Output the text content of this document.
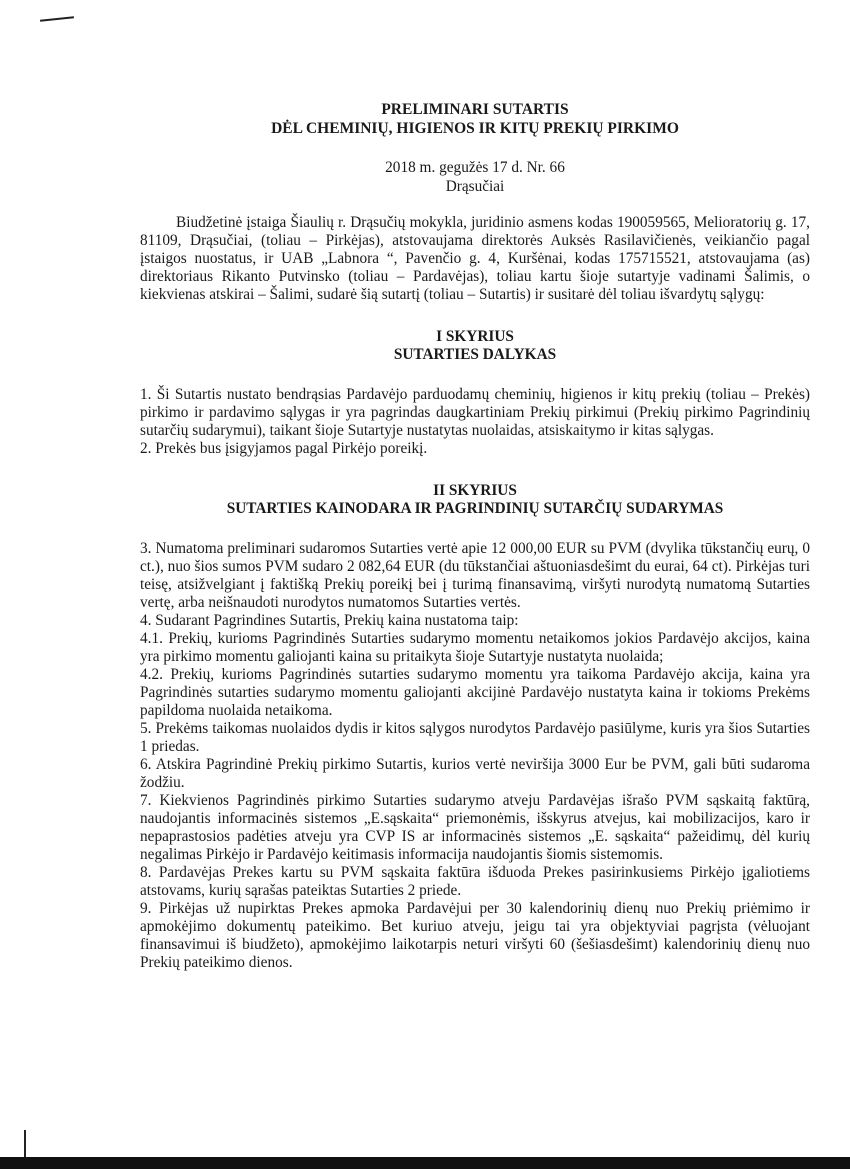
PRELIMINARI SUTARTIS
DĖL CHEMINIŲ, HIGIENOS IR KITŲ PREKIŲ PIRKIMO
2018 m. gegužės 17 d. Nr. 66
Drąsučiai

Biudžetinė įstaiga Šiaulių r. Drąsučių mokykla, juridinio asmens kodas 190059565, Melioratorių g. 17, 81109, Drąsučiai, (toliau – Pirkėjas), atstovaujama direktorės Auksės Rasilavičienės, veikiančio pagal įstaigos nuostatus, ir UAB „Labnora “, Pavenčio g. 4, Kuršėnai, kodas 175715521, atstovaujama (as) direktoriaus Rikanto Putvinsko (toliau – Pardavėjas), toliau kartu šioje sutartyje vadinami Šalimis, o kiekvienas atskirai – Šalimi, sudarė šią sutartį (toliau – Sutartis) ir susitarė dėl toliau išvardytų sąlygų:

I SKYRIUS
SUTARTIES DALYKAS

1. Ši Sutartis nustato bendrąsias Pardavėjo parduodamų cheminių, higienos ir kitų prekių (toliau – Prekės) pirkimo ir pardavimo sąlygas ir yra pagrindas daugkartiniam Prekių pirkimui (Prekių pirkimo Pagrindinių sutarčių sudarymui), taikant šioje Sutartyje nustatytas nuolaidas, atsiskaitymo ir kitas sąlygas.

2. Prekės bus įsigyjamos pagal Pirkėjo poreikį.

II SKYRIUS
SUTARTIES KAINODARA IR PAGRINDINIŲ SUTARČIŲ SUDARYMAS

3. Numatoma preliminari sudaromos Sutarties vertė apie 12 000,00 EUR su PVM (dvylika tūkstančių eurų, 0 ct.), nuo šios sumos PVM sudaro 2 082,64 EUR (du tūkstančiai aštuoniasdešimt du eurai, 64 ct). Pirkėjas turi teisę, atsižvelgiant į faktišką Prekių poreikį bei į turimą finansavimą, viršyti nurodytą numatomą Sutarties vertę, arba neišnaudoti nurodytos numatomos Sutarties vertės.

4. Sudarant Pagrindines Sutartis, Prekių kaina nustatoma taip:

4.1. Prekių, kurioms Pagrindinės Sutarties sudarymo momentu netaikomos jokios Pardavėjo akcijos, kaina yra pirkimo momentu galiojanti kaina su pritaikyta šioje Sutartyje nustatyta nuolaida;

4.2. Prekių, kurioms Pagrindinės sutarties sudarymo momentu yra taikoma Pardavėjo akcija, kaina yra Pagrindinės sutarties sudarymo momentu galiojanti akcijinė Pardavėjo nustatyta kaina ir tokioms Prekėms papildoma nuolaida netaikoma.

5. Prekėms taikomas nuolaidos dydis ir kitos sąlygos nurodytos Pardavėjo pasiūlyme, kuris yra šios Sutarties 1 priedas.

6. Atskira Pagrindinė Prekių pirkimo Sutartis, kurios vertė neviršija 3000 Eur be PVM, gali būti sudaroma žodžiu.

7. Kiekvienos Pagrindinės pirkimo Sutarties sudarymo atveju Pardavėjas išrašo PVM sąskaitą faktūrą, naudojantis informacinės sistemos „E.sąskaita“ priemonėmis, išskyrus atvejus, kai mobilizacijos, karo ir nepaprastosios padėties atveju yra CVP IS ar informacinės sistemos „E. sąskaita“ pažeidimų, dėl kurių negalimas Pirkėjo ir Pardavėjo keitimasis informacija naudojantis šiomis sistemomis.

8. Pardavėjas Prekes kartu su PVM sąskaita faktūra išduoda Prekes pasirinkusiems Pirkėjo įgaliotiems atstovams, kurių sąrašas pateiktas Sutarties 2 priede.

9. Pirkėjas už nupirktas Prekes apmoka Pardavėjui per 30 kalendorinių dienų nuo Prekių priėmimo ir apmokėjimo dokumentų pateikimo. Bet kuriuo atveju, jeigu tai yra objektyviai pagrįsta (vėluojant finansavimui iš biudžeto), apmokėjimo laikotarpis neturi viršyti 60 (šešiasdešimt) kalendorinių dienų nuo Prekių pateikimo dienos.
